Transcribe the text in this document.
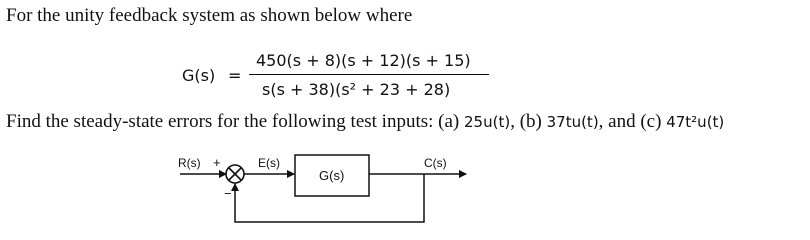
For the unity feedback system as shown below where
G(s) =
450(s + 8)(s + 12)(s + 15)
s(s + 38)(s² + 23 + 28)
Find the steady-state errors for the following test inputs: (a) 25u(t), (b) 37tu(t), and (c) 47t²u(t)
R(s) +
−
E(s)
G(s)
C(s)
